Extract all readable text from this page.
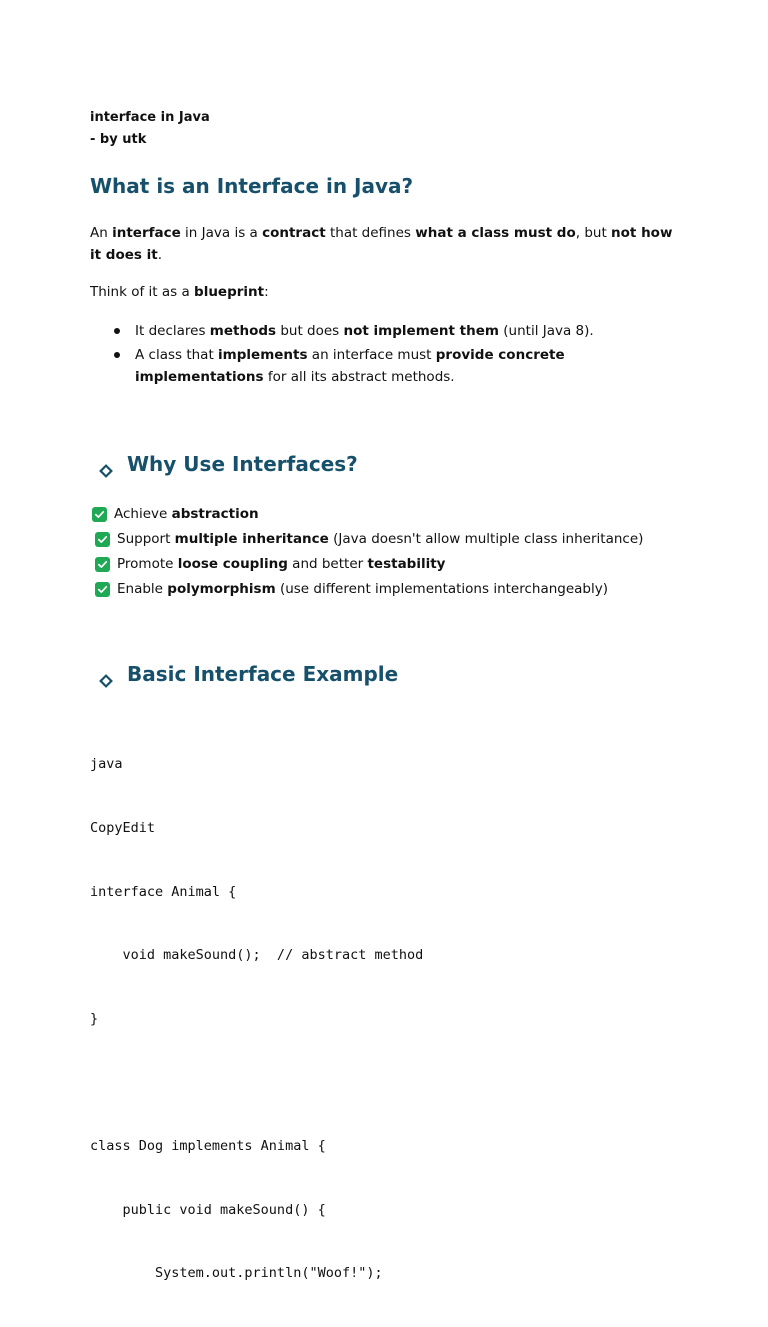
interface in Java
- by utk
What is an Interface in Java?

An interface in Java is a contract that defines what a class must do, but not how it does it.

Think of it as a blueprint:

It declares methods but does not implement them (until Java 8).
A class that implements an interface must provide concrete implementations for all its abstract methods.
Why Use Interfaces?
Achieve abstraction
Support multiple inheritance (Java doesn't allow multiple class inheritance)
Promote loose coupling and better testability
Enable polymorphism (use different implementations interchangeably)
Basic Interface Example

java

CopyEdit

interface Animal {

void makeSound();  // abstract method

}

class Dog implements Animal {

public void makeSound() {

System.out.println("Woof!");
